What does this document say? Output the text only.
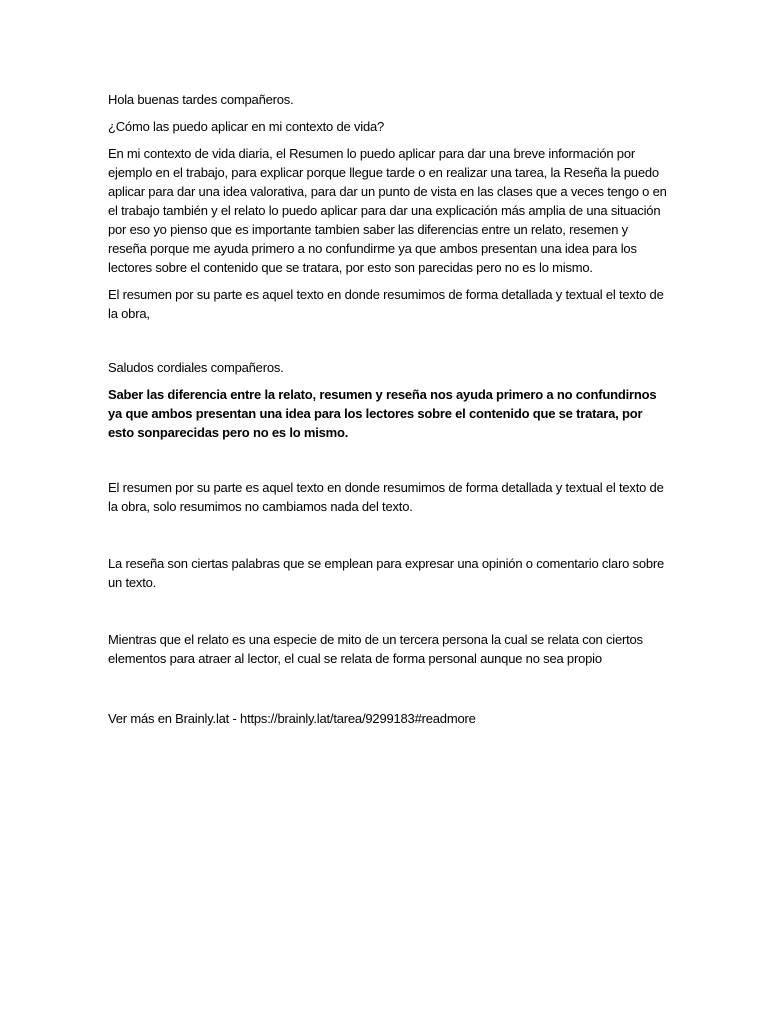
Hola buenas tardes compañeros.

¿Cómo las puedo aplicar en mi contexto de vida?

En mi contexto de vida diaria, el Resumen lo puedo aplicar para dar una breve información por ejemplo en el trabajo, para explicar porque llegue tarde o en realizar una tarea, la Reseña la puedo aplicar para dar una idea valorativa, para dar un punto de vista en las clases que a veces tengo o en el trabajo también y el relato lo puedo aplicar para dar una explicación más amplia de una situación por eso yo pienso que es importante tambien saber las diferencias entre un relato, resemen y reseña porque me ayuda primero a no confundirme ya que ambos presentan una idea para los lectores sobre el contenido que se tratara, por esto son parecidas pero no es lo mismo.

El resumen por su parte es aquel texto en donde resumimos de forma detallada y textual el texto de la obra,

Saludos cordiales compañeros.

Saber las diferencia entre la relato, resumen y reseña nos ayuda primero a no confundirnos ya que ambos presentan una idea para los lectores sobre el contenido que se tratara, por esto sonparecidas pero no es lo mismo.

El resumen por su parte es aquel texto en donde resumimos de forma detallada y textual el texto de la obra, solo resumimos no cambiamos nada del texto.

La reseña son ciertas palabras que se emplean para expresar una opinión o comentario claro sobre un texto.

Mientras que el relato es una especie de mito de un tercera persona la cual se relata con ciertos elementos para atraer al lector, el cual se relata de forma personal aunque no sea propio

Ver más en Brainly.lat - https://brainly.lat/tarea/9299183#readmore
